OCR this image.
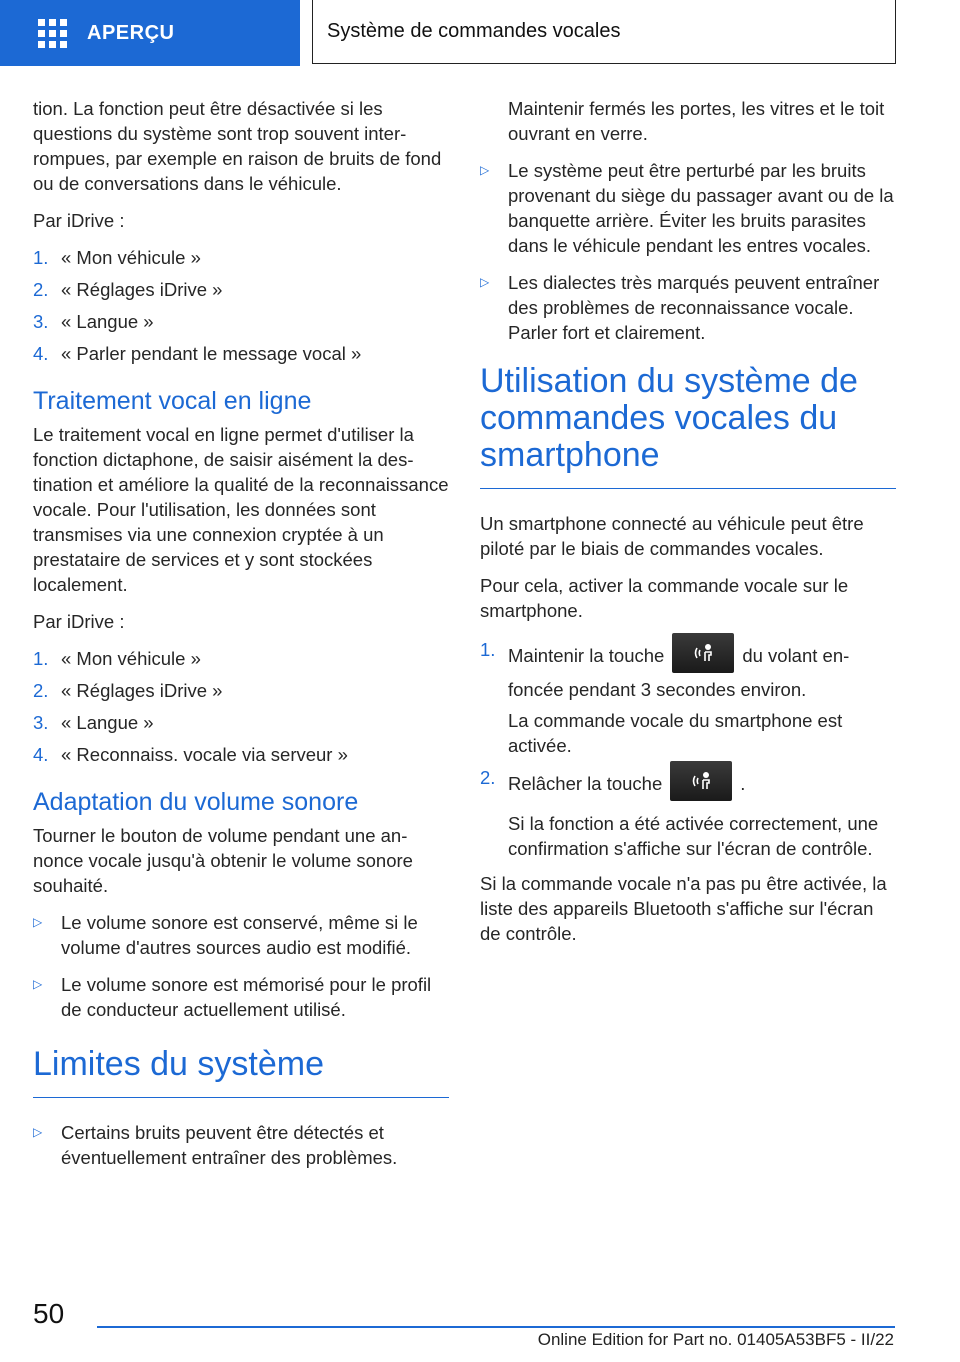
APERÇU	Système de commandes vocales

tion. La fonction peut être désactivée si les questions du système sont trop souvent interrompues, par exemple en raison de bruits de fond ou de conversations dans le véhicule.

Par iDrive :

1. « Mon véhicule »
2. « Réglages iDrive »
3. « Langue »
4. « Parler pendant le message vocal »
Traitement vocal en ligne

Le traitement vocal en ligne permet d'utiliser la fonction dictaphone, de saisir aisément la destination et améliore la qualité de la reconnaissance vocale. Pour l'utilisation, les données sont transmises via une connexion cryptée à un prestataire de services et y sont stockées localement.

Par iDrive :

1. « Mon véhicule »
2. « Réglages iDrive »
3. « Langue »
4. « Reconnaiss. vocale via serveur »
Adaptation du volume sonore

Tourner le bouton de volume pendant une annonce vocale jusqu'à obtenir le volume sonore souhaité.

▷	Le volume sonore est conservé, même si le volume d'autres sources audio est modifié.
▷	Le volume sonore est mémorisé pour le profil de conducteur actuellement utilisé.
Limites du système
▷	Certains bruits peuvent être détectés et éventuellement entraîner des problèmes.
Maintenir fermés les portes, les vitres et le toit ouvrant en verre.
▷	Le système peut être perturbé par les bruits provenant du siège du passager avant ou de la banquette arrière. Éviter les bruits parasites dans le véhicule pendant les entres vocales.
▷	Les dialectes très marqués peuvent entraîner des problèmes de reconnaissance vocale. Parler fort et clairement.
Utilisation du système de commandes vocales du smartphone

Un smartphone connecté au véhicule peut être piloté par le biais de commandes vocales.

Pour cela, activer la commande vocale sur le smartphone.

1. Maintenir la touche	du volant enfoncée pendant 3 secondes environ.

La commande vocale du smartphone est activée.

2. Relâcher la touche	.

Si la fonction a été activée correctement, une confirmation s'affiche sur l'écran de contrôle.

Si la commande vocale n'a pas pu être activée, la liste des appareils Bluetooth s'affiche sur l'écran de contrôle.

50
Online Edition for Part no. 01405A53BF5 - II/22
